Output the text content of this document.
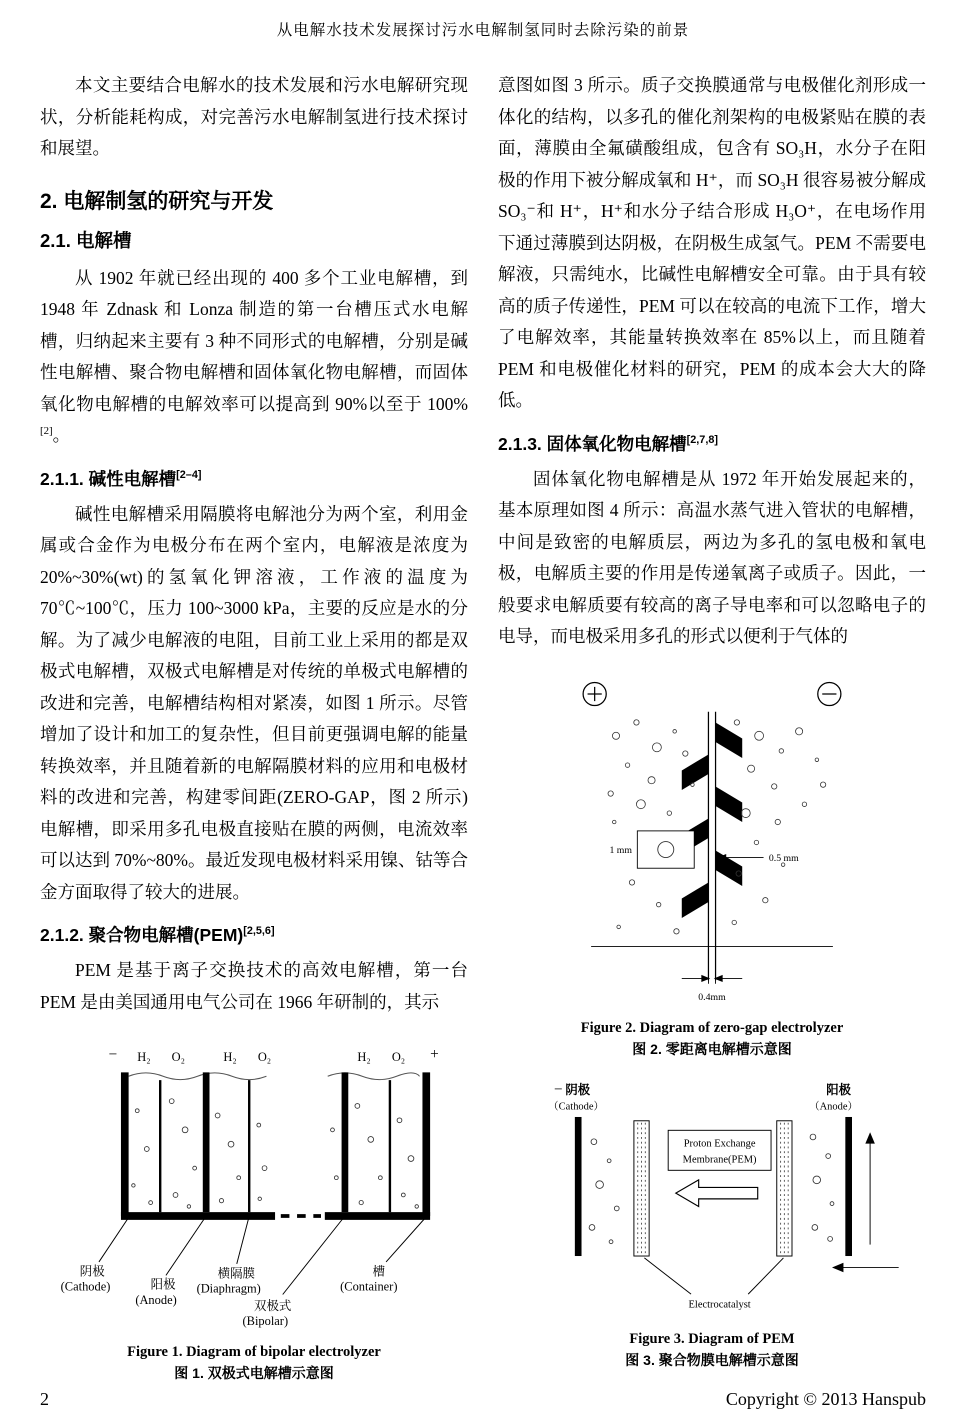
从电解水技术发展探讨污水电解制氢同时去除污染的前景

本文主要结合电解水的技术发展和污水电解研究现状，分析能耗构成，对完善污水电解制氢进行技术探讨和展望。

2. 电解制氢的研究与开发
2.1. 电解槽

从 1902 年就已经出现的 400 多个工业电解槽，到 1948 年 Zdnask 和 Lonza 制造的第一台槽压式水电解槽，归纳起来主要有 3 种不同形式的电解槽，分别是碱性电解槽、聚合物电解槽和固体氧化物电解槽，而固体氧化物电解槽的电解效率可以提高到 90%以至于 100%[2]。

2.1.1. 碱性电解槽[2–4]

碱性电解槽采用隔膜将电解池分为两个室，利用金属或合金作为电极分布在两个室内，电解液是浓度为 20%~30%(wt)的氢氧化钾溶液，工作液的温度为 70℃~100℃，压力 100~3000 kPa，主要的反应是水的分解。为了减少电解液的电阻，目前工业上采用的都是双极式电解槽，双极式电解槽是对传统的单极式电解槽的改进和完善，电解槽结构相对紧凑，如图 1 所示。尽管增加了设计和加工的复杂性，但目前更强调电解的能量转换效率，并且随着新的电解隔膜材料的应用和电极材料的改进和完善，构建零间距(ZERO-GAP，图 2 所示)电解槽，即采用多孔电极直接贴在膜的两侧，电流效率可以达到 70%~80%。最近发现电极材料采用镍、钴等合金方面取得了较大的进展。

2.1.2. 聚合物电解槽(PEM)[2,5,6]

PEM 是基于离子交换技术的高效电解槽，第一台 PEM 是由美国通用电气公司在 1966 年研制的，其示

− H₂ O₂	H₂ O₂	H₂ O₂ +
阴极
(Cathode)	阳极
(Anode)
横隔膜
(Diaphragm)
双极式
(Bipolar)
槽
(Container)
Figure 1. Diagram of bipolar electrolyzer
图 1. 双极式电解槽示意图

意图如图 3 所示。质子交换膜通常与电极催化剂形成一体化的结构，以多孔的催化剂架构的电极紧贴在膜的表面，薄膜由全氟磺酸组成，包含有 SO₃H，水分子在阳极的作用下被分解成氧和 H⁺，而 SO₃H 很容易被分解成 SO₃⁻和 H⁺，H⁺和水分子结合形成 H₃O⁺，在电场作用下通过薄膜到达阴极，在阴极生成氢气。PEM 不需要电解液，只需纯水，比碱性电解槽安全可靠。由于具有较高的质子传递性，PEM 可以在较高的电流下工作，增大了电解效率，其能量转换效率在 85%以上，而且随着 PEM 和电极催化材料的研究，PEM 的成本会大大的降低。

2.1.3. 固体氧化物电解槽[2,7,8]

固体氧化物电解槽是从 1972 年开始发展起来的，基本原理如图 4 所示：高温水蒸气进入管状的电解槽，中间是致密的电解质层，两边为多孔的氢电极和氧电极，电解质主要的作用是传递氧离子或质子。因此，一般要求电解质要有较高的离子导电率和可以忽略电子的电导，而电极采用多孔的形式以便利于气体的

1 mm
0.5 mm
0.4mm
Figure 2. Diagram of zero-gap electrolyzer
图 2. 零距离电解槽示意图
− 阴极
（Cathode）
阳极
（Anode）
Proton Exchange
Membrane(PEM)
Electrocatalyst
Figure 3. Diagram of PEM
图 3. 聚合物膜电解槽示意图
2	Copyright © 2013 Hanspub
